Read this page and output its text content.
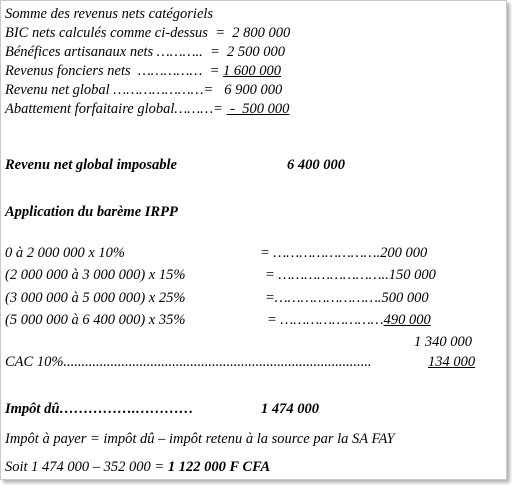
Somme des revenus nets catégoriels
BIC nets calculés comme ci-dessus  =  2 800 000
Bénéfices artisanaux nets ………..  =  2 500 000
Revenus fonciers nets  ……………  = 1 600 000
Revenu net global …………………=   6 900 000
Abattement forfaitaire global………=  -  500 000
Revenu net global imposable	6 400 000
Application du barème IRPP
0 à 2 000 000 x 10%	= …………………….200 000
(2 000 000 à 3 000 000) x 15%	= ……………………..150 000
(3 000 000 à 5 000 000) x 25%	=…………………….500 000
(5 000 000 à 6 400 000) x 35%	= ……………………490 000
1 340 000
CAC 10%.....................................................................................	134 000
Impôt dû…………….…………	1 474 000
Impôt à payer = impôt dû – impôt retenu à la source par la SA FAY
Soit 1 474 000 – 352 000 = 1 122 000 F CFA
